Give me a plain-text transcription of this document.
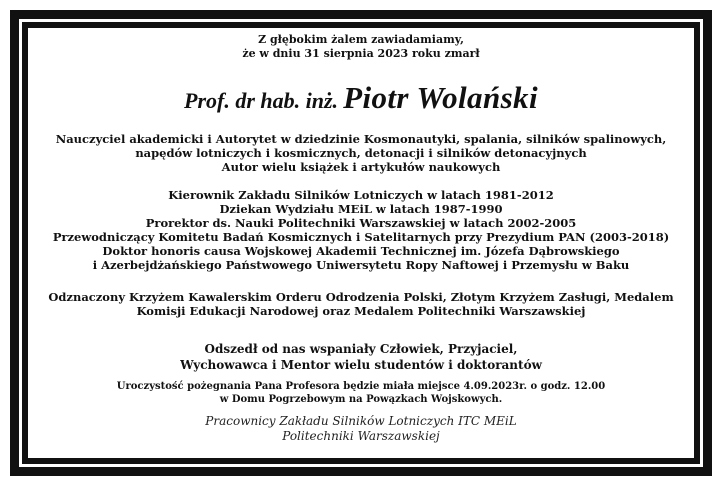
Z głębokim żalem zawiadamiamy,
że w dniu 31 sierpnia 2023 roku zmarł
Prof. dr hab. inż. Piotr Wolański
Nauczyciel akademicki i Autorytet w dziedzinie Kosmonautyki, spalania, silników spalinowych,
napędów lotniczych i kosmicznych, detonacji i silników detonacyjnych
Autor wielu książek i artykułów naukowych
Kierownik Zakładu Silników Lotniczych w latach 1981-2012
Dziekan Wydziału MEiL w latach 1987-1990
Prorektor ds. Nauki Politechniki Warszawskiej w latach 2002-2005
Przewodniczący Komitetu Badań Kosmicznych i Satelitarnych przy Prezydium PAN (2003-2018)
Doktor honoris causa Wojskowej Akademii Technicznej im. Józefa Dąbrowskiego
i Azerbejdżańskiego Państwowego Uniwersytetu Ropy Naftowej i Przemysłu w Baku
Odznaczony Krzyżem Kawalerskim Orderu Odrodzenia Polski, Złotym Krzyżem Zasługi, Medalem
Komisji Edukacji Narodowej oraz Medalem Politechniki Warszawskiej
Odszedł od nas wspaniały Człowiek, Przyjaciel,
Wychowawca i Mentor wielu studentów i doktorantów
Uroczystość pożegnania Pana Profesora będzie miała miejsce 4.09.2023r. o godz. 12.00
w Domu Pogrzebowym na Powązkach Wojskowych.
Pracownicy Zakładu Silników Lotniczych ITC MEiL
Politechniki Warszawskiej
